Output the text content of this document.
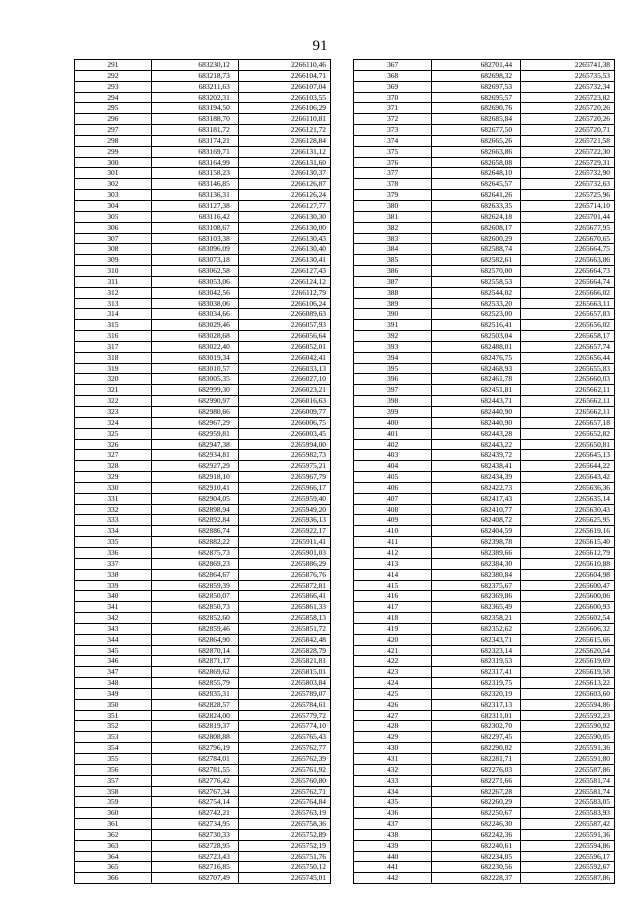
91
291	683230,12	2266110,46
292	683218,73	2266104,71
293	683211,63	2266107,04
294	683202,31	2266103,55
295	683194,50	2266106,29
296	683188,70	2266110,81
297	683181,72	2266121,72
298	683174,21	2266128,84
299	683169,71	2266131,12
300	683164,99	2266131,60
301	683158,23	2266130,37
302	683146,85	2266126,87
303	683136,31	2266126,24
304	683127,38	2266127,77
305	683116,42	2266130,30
306	683108,67	2266130,00
307	683103,38	2266130,43
308	683096,09	2266130,40
309	683073,18	2266130,41
310	683062,58	2266127,43
311	683053,06	2266124,12
312	683042,56	2266112,79
313	683038,06	2266106,24
314	683034,66	2266089,63
315	683029,46	2266057,93
316	683028,68	2266056,64
317	683022,40	2266052,01
318	683019,34	2266042,41
319	683010,57	2266033,13
320	683005,35	2266027,10
321	682999,30	2266023,21
322	682990,97	2266016,63
323	682980,66	2266009,77
324	682967,29	2266006,75
325	682959,81	2266003,45
326	682947,38	2265994,00
327	682934,81	2265982,73
328	682927,29	2265975,21
329	682918,10	2265967,79
330	682910,41	2265966,17
331	682904,05	2265959,40
332	682898,94	2265949,20
333	682892,84	2265936,13
334	682886,74	2265922,17
335	682882,22	2265911,41
336	682875,73	2265901,03
337	682869,23	2265886,29
338	682864,67	2265876,76
339	682859,39	2265872,81
340	682850,07	2265866,41
341	682850,73	2265861,33
342	682852,60	2265858,13
343	682859,46	2265851,72
344	682864,90	2265842,48
345	682870,14	2265828,79
346	682871,17	2265821,81
347	682869,62	2265815,01
348	682855,79	2265803,84
349	682835,31	2265789,07
350	682828,57	2265784,61
351	682824,00	2265779,72
352	682819,37	2265774,10
353	682808,88	2265765,43
354	682796,19	2265762,77
355	682784,01	2265762,39
356	682781,55	2265761,92
357	682776,42	2265760,80
358	682767,34	2265762,71
359	682754,14	2265764,84
360	682742,21	2265763,19
361	682734,95	2265758,36
362	682730,33	2265752,89
363	682728,95	2265752,19
364	682723,43	2265751,76
365	682716,85	2265750,12
366	682707,49	2265745,01
367	682701,44	2265741,38
368	682698,32	2265735,53
369	682697,53	2265732,34
370	682695,57	2265723,82
371	682690,76	2265720,26
372	682685,84	2265720,26
373	682677,50	2265720,71
374	682665,26	2265721,58
375	682663,86	2265722,30
376	682658,08	2265729,31
377	682648,10	2265732,90
378	682645,57	2265732,63
379	682641,26	2265725,96
380	682633,35	2265714,10
381	682624,18	2265701,44
382	682608,17	2265677,95
383	682600,29	2265670,65
384	682588,74	2265664,75
385	682582,61	2265663,86
386	682570,00	2265664,73
387	682558,53	2265664,74
388	682544,02	2265666,02
389	682533,20	2265663,11
390	682523,00	2265657,83
391	682516,41	2265656,02
392	682503,04	2265658,17
393	682488,01	2265657,74
394	682476,75	2265656,44
395	682468,93	2265655,83
396	682461,78	2265660,03
397	682451,81	2265662,11
398	682443,71	2265662,11
399	682440,90	2265662,11
400	682440,90	2265657,18
401	682443,28	2265652,82
402	682443,22	2265650,81
403	682439,72	2265645,13
404	682438,41	2265644,22
405	682434,39	2265643,42
406	682422,73	2265636,36
407	682417,43	2265635,14
408	682410,77	2265630,43
409	682408,72	2265625,95
410	682404,59	2265619,16
411	682398,78	2265615,40
412	682389,66	2265612,79
413	682384,30	2265610,88
414	682380,84	2265604,98
415	682375,67	2265600,47
416	682369,86	2265600,06
417	682365,49	2265600,93
418	682358,21	2265602,54
419	682352,62	2265606,32
420	682343,71	2265615,66
421	682323,14	2265620,54
422	682319,53	2265619,69
423	682317,41	2265619,58
424	682319,75	2265613,22
425	682320,19	2265603,60
426	682317,13	2265594,86
427	682311,01	2265592,23
428	682302,70	2265590,92
429	682297,45	2265590,05
430	682290,02	2265591,36
431	682281,71	2265591,80
432	682276,03	2265587,86
433	682271,66	2265581,74
434	682267,28	2265581,74
435	682260,29	2265583,05
436	682250,67	2265583,93
437	682246,30	2265587,42
438	682242,36	2265591,36
439	682240,61	2265594,86
440	682234,05	2265596,17
441	682230,56	2265592,67
442	682228,37	2265587,86
